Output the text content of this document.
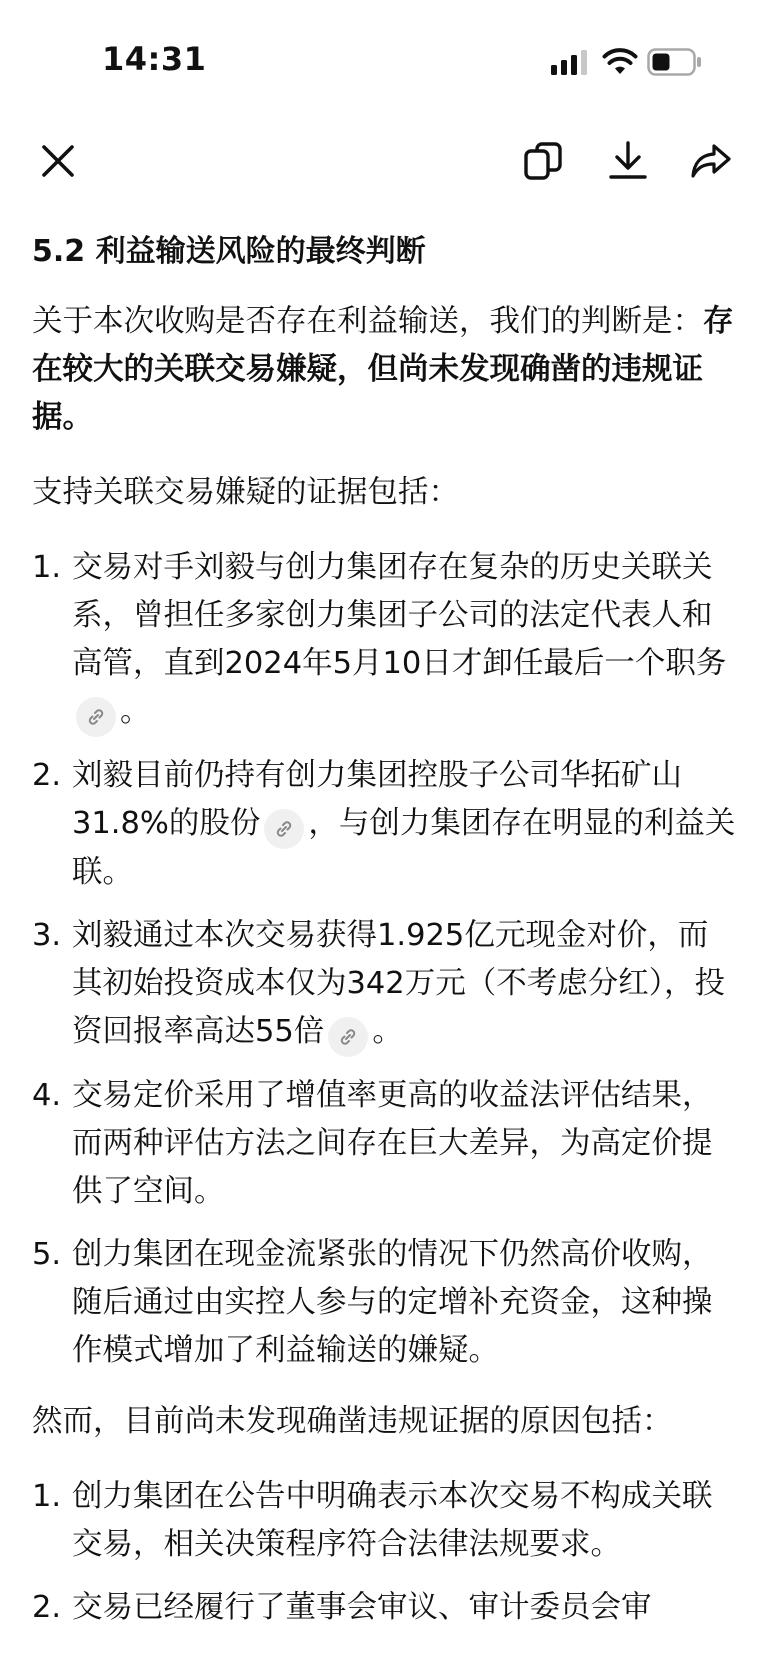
14:31
5.2 利益输送风险的最终判断

关于本次收购是否存在利益输送，我们的判断是：存在较大的关联交易嫌疑，但尚未发现确凿的违规证据。

支持关联交易嫌疑的证据包括：

1. 交易对手刘毅与创力集团存在复杂的历史关联关系，曾担任多家创力集团子公司的法定代表人和高管，直到2024年5月10日才卸任最后一个职务
。
2. 刘毅目前仍持有创力集团控股子公司华拓矿山31.8%的股份 ，与创力集团存在明显的利益关联。
3. 刘毅通过本次交易获得1.925亿元现金对价，而其初始投资成本仅为342万元（不考虑分红），投资回报率高达55倍 。
4. 交易定价采用了增值率更高的收益法评估结果，而两种评估方法之间存在巨大差异，为高定价提供了空间。
5. 创力集团在现金流紧张的情况下仍然高价收购，随后通过由实控人参与的定增补充资金，这种操作模式增加了利益输送的嫌疑。

然而，目前尚未发现确凿违规证据的原因包括：

1. 创力集团在公告中明确表示本次交易不构成关联交易，相关决策程序符合法律法规要求。
2. 交易已经履行了董事会审议、审计委员会审
